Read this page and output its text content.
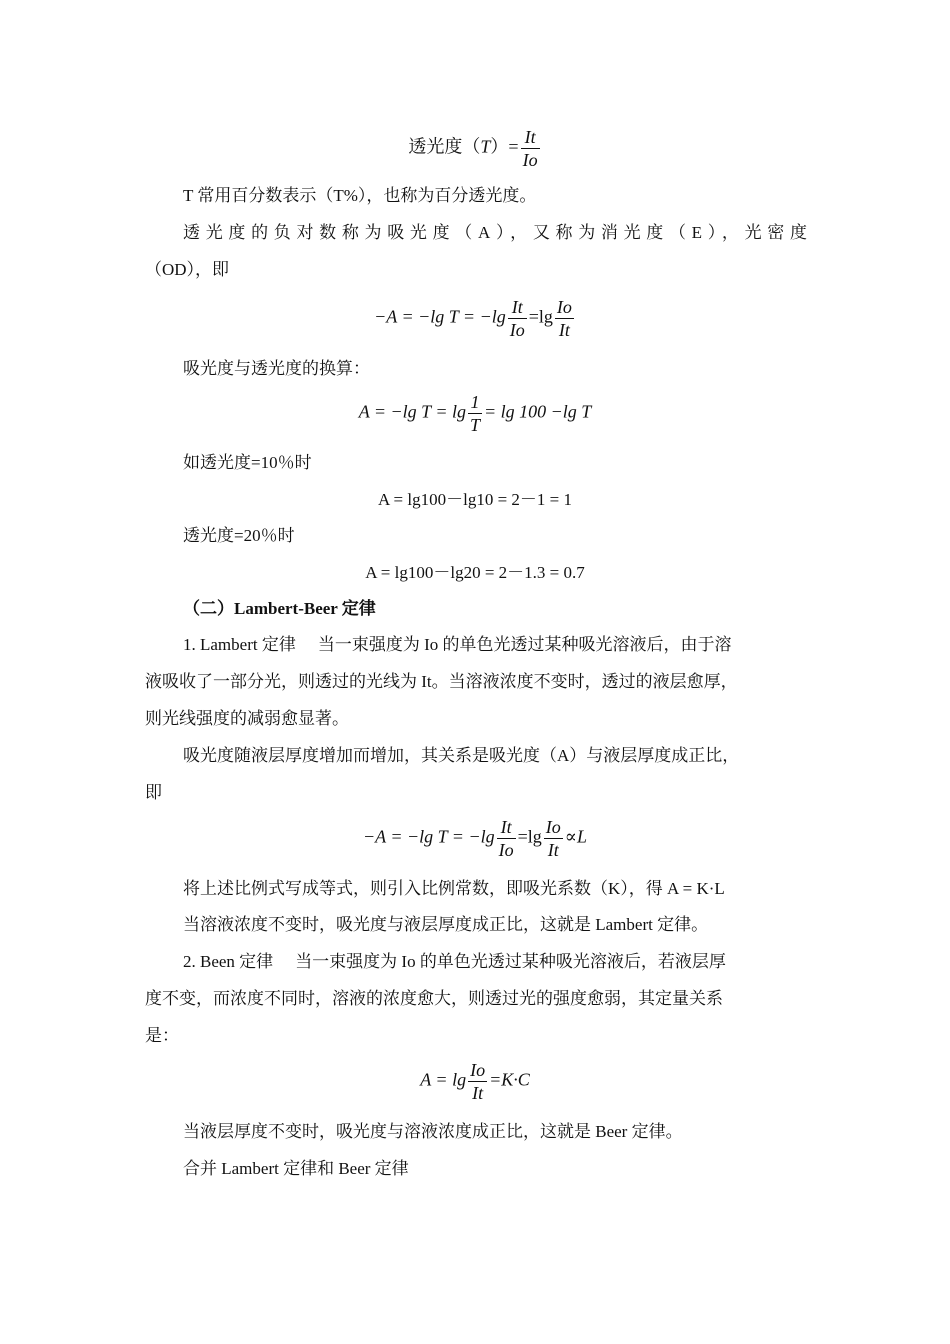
透光度$(T)= \frac{It}{Io}$
T 常用百分数表示（T%），也称为百分透光度。
透光度的负对数称为吸光度（A），又称为消光度（E），光密度
（OD），即
−A = −lg $T = -\lg \frac{It}{Io} =\lg \frac{Io}{It}$
吸光度与透光度的换算：
A = −lg $T = \lg \frac{1}{T} = \lg 100 -\lg$ T
如透光度=10％时
A = lg100－lg10 = 2－1 = 1
透光度=20％时
A = lg100－lg20 = 2－1.3 = 0.7
（二）Lambert-Beer 定律
1. Lambert 定律 当一束强度为 Io 的单色光透过某种吸光溶液后，由于溶
液吸收了一部分光，则透过的光线为 It。当溶液浓度不变时，透过的液层愈厚，
则光线强度的减弱愈显著。
吸光度随液层厚度增加而增加，其关系是吸光度（A）与液层厚度成正比，
即
−A = −lg $T = -\lg \frac{It}{Io} =\lg \frac{Io}{It} \propto L$
将上述比例式写成等式，则引入比例常数，即吸光系数（K），得 A = K·L
当溶液浓度不变时，吸光度与液层厚度成正比，这就是 Lambert 定律。
2. Been 定律 当一束强度为 Io 的单色光透过某种吸光溶液后，若液层厚
度不变，而浓度不同时，溶液的浓度愈大，则透过光的强度愈弱，其定量关系
是：
$A = \lg \frac{Io}{It} =K\cdot C$
当液层厚度不变时，吸光度与溶液浓度成正比，这就是 Beer 定律。
合并 Lambert 定律和 Beer 定律
